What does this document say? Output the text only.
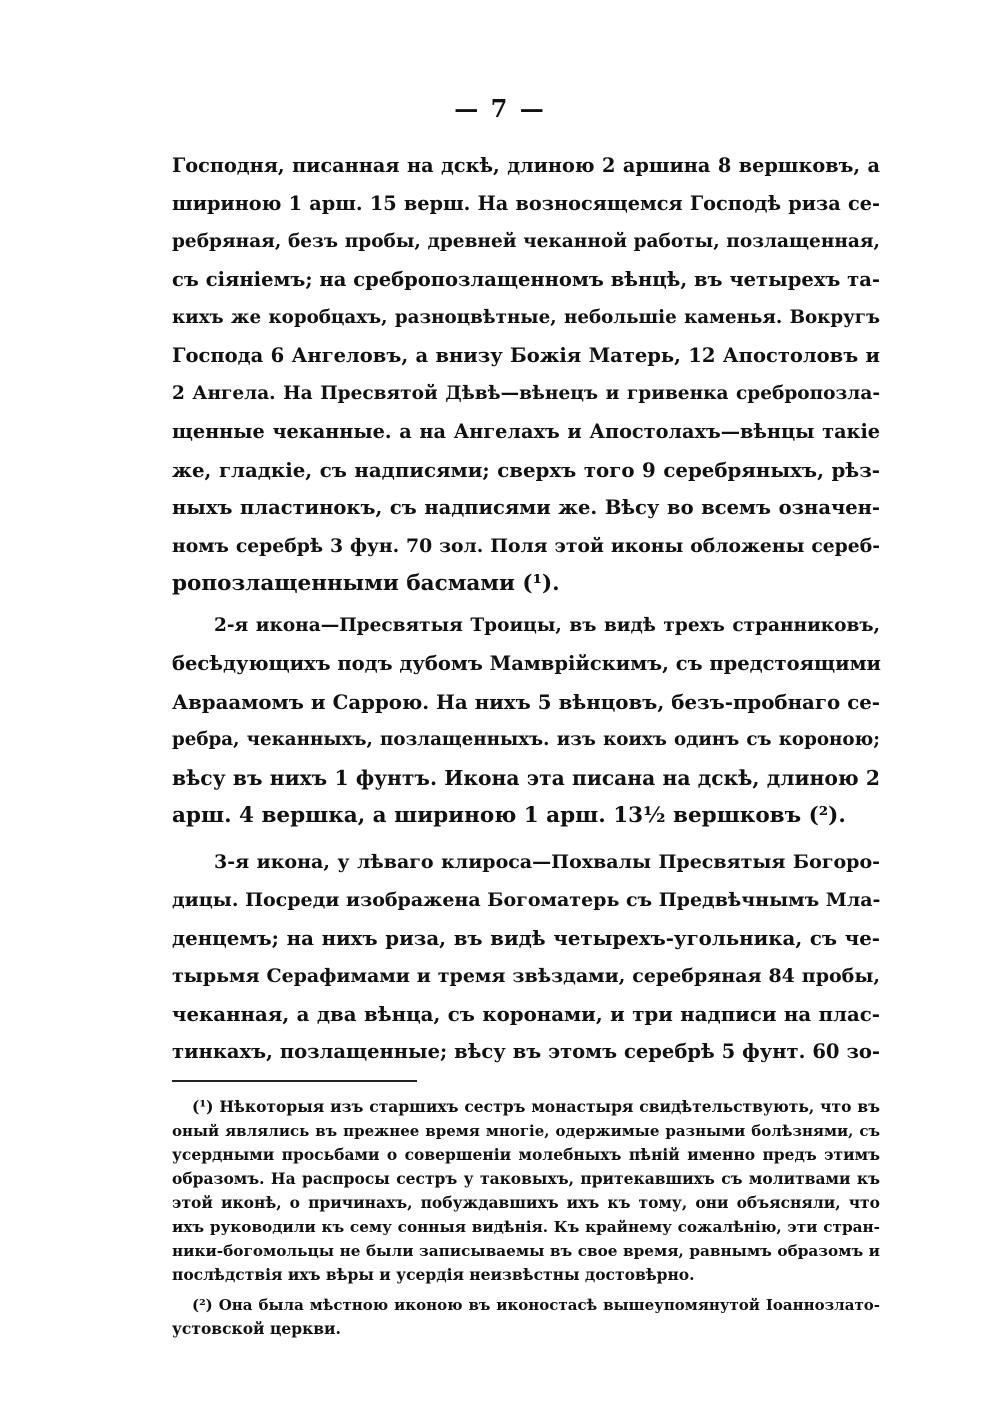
— 7 —
Господня, писанная на дскѣ, длиною 2 аршина 8 вершковъ, а
шириною 1 арш. 15 верш. На возносящемся Господѣ риза се-
ребряная, безъ пробы, древней чеканной работы, позлащенная,
съ сіяніемъ; на сребропозлащенномъ вѣнцѣ, въ четырехъ та-
кихъ же коробцахъ, разноцвѣтные, небольшіе каменья. Вокругъ
Господа 6 Ангеловъ, а внизу Божія Матерь, 12 Апостоловъ и
2 Ангела. На Пресвятой Дѣвѣ—вѣнецъ и гривенка сребропозла-
щенные чеканные. а на Ангелахъ и Апостолахъ—вѣнцы такіе
же, гладкіе, съ надписями; сверхъ того 9 серебряныхъ, рѣз-
ныхъ пластинокъ, съ надписями же. Вѣсу во всемъ означен-
номъ серебрѣ 3 фун. 70 зол. Поля этой иконы обложены сереб-
ропозлащенными басмами (¹).
2-я икона—Пресвятыя Троицы, въ видѣ трехъ странниковъ,
бесѣдующихъ подъ дубомъ Мамврійскимъ, съ предстоящими
Авраамомъ и Саррою. На нихъ 5 вѣнцовъ, безъ-пробнаго се-
ребра, чеканныхъ, позлащенныхъ. изъ коихъ одинъ съ короною;
вѣсу въ нихъ 1 фунтъ. Икона эта писана на дскѣ, длиною 2
арш. 4 вершка, а шириною 1 арш. 13½ вершковъ (²).
3-я икона, у лѣваго клироса—Похвалы Пресвятыя Богоро-
дицы. Посреди изображена Богоматерь съ Предвѣчнымъ Мла-
денцемъ; на нихъ риза, въ видѣ четырехъ-угольника, съ че-
тырьмя Серафимами и тремя звѣздами, серебряная 84 пробы,
чеканная, а два вѣнца, съ коронами, и три надписи на плас-
тинкахъ, позлащенные; вѣсу въ этомъ серебрѣ 5 фунт. 60 зо-
(¹) Нѣкоторыя изъ старшихъ сестръ монастыря свидѣтельствують, что въ
оный являлись въ прежнее время многіе, одержимые разными болѣзнями, съ
усердными просьбами о совершеніи молебныхъ пѣній именно предъ этимъ
образомъ. На распросы сестръ у таковыхъ, притекавшихъ съ молитвами къ
этой иконѣ, о причинахъ, побуждавшихъ ихъ къ тому, они объясняли, что
ихъ руководили къ сему сонныя видѣнія. Къ крайнему сожалѣнію, эти стран-
ники-богомольцы не были записываемы въ свое время, равнымъ образомъ и
послѣдствія ихъ вѣры и усердія неизвѣстны достовѣрно.
(²) Она была мѣстною иконою въ иконостасѣ вышеупомянутой Іоаннозлато-
устовской церкви.
